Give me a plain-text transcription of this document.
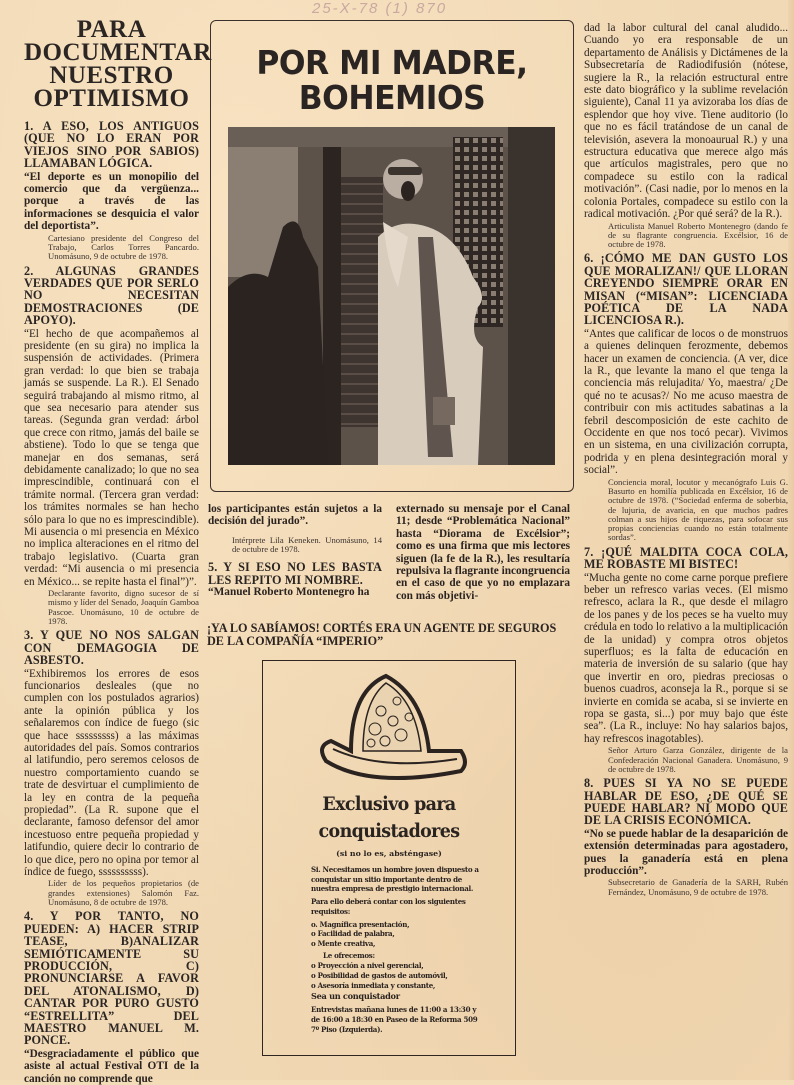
25-X-78 (1) 870
PARA
DOCUMENTAR
NUESTRO
OPTIMISMO

1. A ESO, LOS ANTIGUOS (QUE NO LO ERAN POR VIEJOS SINO POR SABIOS) LLAMABAN LÓGICA.

“El deporte es un monopilio del comercio que da vergüenza... porque a través de las informaciones se desquicia el valor del deportista”.

Cartesiano presidente del Congreso del Trabajo, Carlos Torres Pancardo. Unomásuno, 9 de octubre de 1978.

2. ALGUNAS GRANDES VERDADES QUE POR SERLO NO NECESITAN DEMOSTRACIONES (DE APOYO).

“El hecho de que acompañemos al presidente (en su gira) no implica la suspensión de actividades. (Primera gran verdad: lo que bien se trabaja jamás se suspende. La R.). El Senado seguirá trabajando al mismo ritmo, al que sea necesario para atender sus tareas. (Segunda gran verdad: árbol que crece con ritmo, jamás del baile se abstiene). Todo lo que se tenga que manejar en dos semanas, será debidamente canalizado; lo que no sea imprescindible, continuará con el trámite normal. (Tercera gran verdad: los trámites normales se han hecho sólo para lo que no es imprescindible). Mi ausencia o mi presencia en México no implica alteraciones en el ritmo del trabajo legislativo. (Cuarta gran verdad: “Mi ausencia o mi presencia en México... se repite hasta el final”)”.

Declarante favorito, digno sucesor de sí mismo y líder del Senado, Joaquín Gamboa Pascoe. Unomásuno, 10 de octubre de 1978.

3. Y QUE NO NOS SALGAN CON DEMAGOGIA DE ASBESTO.

“Exhibiremos los errores de esos funcionarios desleales (que no cumplen con los postulados agrarios) ante la opinión pública y los señalaremos con índice de fuego (sic que hace sssssssss) a las máximas autoridades del país. Somos contrarios al latifundio, pero seremos celosos de nuestro comportamiento cuando se trate de desvirtuar el cumplimiento de la ley en contra de la pequeña propiedad”. (La R. supone que el declarante, famoso defensor del amor incestuoso entre pequeña propiedad y latifundio, quiere decir lo contrario de lo que dice, pero no opina por temor al índice de fuego, ssssssssss).

Líder de los pequeños propietarios (de grandes extensiones) Salomón Faz. Unomásuno, 8 de octubre de 1978.

4. Y POR TANTO, NO PUEDEN: A) HACER STRIP TEASE, B)ANALIZAR SEMIÓTICAMENTE SU PRODUCCIÓN, C) PRONUNCIARSE A FAVOR DEL ATONALISMO, D) CANTAR POR PURO GUSTO “ESTRELLITA” DEL MAESTRO MANUEL M. PONCE.

“Desgraciadamente el público que asiste al actual Festival OTI de la canción no comprende que

POR MI MADRE,
BOHEMIOS

los participantes están sujetos a la decisión del jurado”.

Intérprete Lila Keneken. Unomásuno, 14 de octubre de 1978.

5. Y SI ESO NO LES BASTA LES REPITO MI NOMBRE.

“Manuel Roberto Montenegro ha

externado su mensaje por el Canal 11; desde “Problemática Nacional” hasta “Diorama de Excélsior”; como es una firma que mis lectores siguen (la fe de la R.), les resultaría repulsiva la flagrante incongruencia en el caso de que yo no emplazara con más objetivi-

¡YA LO SABÍAMOS! CORTÉS ERA UN AGENTE DE SEGUROS DE LA COMPAÑÍA “IMPERIO”
Exclusivo para
conquistadores
(si no lo es, absténgase)

Si. Necesitamos un hombre joven dispuesto a conquistar un sitio importante dentro de nuestra empresa de prestigio internacional.

Para ello deberá contar con los siguientes requisitos:

o. Magnífica presentación,
o Facilidad de palabra,
o Mente creativa,

Le ofrecemos:

o Proyección a nivel gerencial,
o Posibilidad de gastos de automóvil,
o Asesoría inmediata y constante,

Sea un conquistador

Entrevistas mañana lunes de 11:00 a 13:30 y de 16:00 a 18:30 en Paseo de la Reforma 509 7º Piso (Izquierda).

dad la labor cultural del canal aludido... Cuando yo era responsable de un departamento de Análisis y Dictámenes de la Subsecretaría de Radiodifusión (nótese, sugiere la R., la relación estructural entre este dato biográfico y la sublime revelación siguiente), Canal 11 ya avizoraba los días de esplendor que hoy vive. Tiene auditorio (lo que no es fácil tratándose de un canal de televisión, asevera la monoaurual R.) y una estructura educativa que merece algo más que artículos magistrales, pero que no compadece su estilo con la radical motivación”. (Casi nadie, por lo menos en la colonia Portales, compadece su estilo con la radical motivación. ¿Por qué será? de la R.).

Articulista Manuel Roberto Montenegro (dando fe de su flagrante congruencia. Excélsior, 16 de octubre de 1978.

6. ¡CÓMO ME DAN GUSTO LOS QUE MORALIZAN!/ QUE LLORAN CREYENDO SIEMPRE ORAR EN MISAN (“MISAN”: LICENCIADA POÉTICA DE LA NADA LICENCIOSA R.).

“Antes que calificar de locos o de monstruos a quienes delinquen ferozmente, debemos hacer un examen de conciencia. (A ver, dice la R., que levante la mano el que tenga la conciencia más relujadita/ Yo, maestra/ ¿De qué no te acusas?/ No me acuso maestra de contribuir con mis actitudes sabatinas a la febril descomposición de este cachito de Occidente en que nos tocó pecar). Vivimos en un sistema, en una civilización corrupta, podrida y en plena desintegración moral y social”.

Conciencia moral, locutor y mecanógrafo Luis G. Basurto en homilía publicada en Excélsior, 16 de octubre de 1978. (“Sociedad enferma de soberbia, de lujuria, de avaricia, en que muchos padres colman a sus hijos de riquezas, para sofocar sus propias conciencias cuando no están totalmente sordas”.

7. ¡QUÉ MALDITA COCA COLA, ME ROBASTE MI BISTEC!

“Mucha gente no come carne porque prefiere beber un refresco varias veces. (El mismo refresco, aclara la R., que desde el milagro de los panes y de los peces se ha vuelto muy crédula en todo lo relativo a la multiplicación de la unidad) y compra otros objetos superfluos; es la falta de educación en materia de inversión de su salario (que hay que invertir en oro, piedras preciosas o buenos cuadros, aconseja la R., porque si se invierte en comida se acaba, si se invierte en ropa se gasta, si...) por muy bajo que éste sea”. (La R., incluye: No hay salarios bajos, hay refrescos inagotables).

Señor Arturo Garza González, dirigente de la Confederación Nacional Ganadera. Unomásuno, 9 de octubre de 1978.

8. PUES SI YA NO SE PUEDE HABLAR DE ESO, ¿DE QUÉ SE PUEDE HABLAR? NI MODO QUE DE LA CRISIS ECONÓMICA.

“No se puede hablar de la desaparición de extensión determinadas para agostadero, pues la ganadería está en plena producción”.

Subsecretario de Ganadería de la SARH, Rubén Fernández, Unomásuno, 9 de octubre de 1978.
